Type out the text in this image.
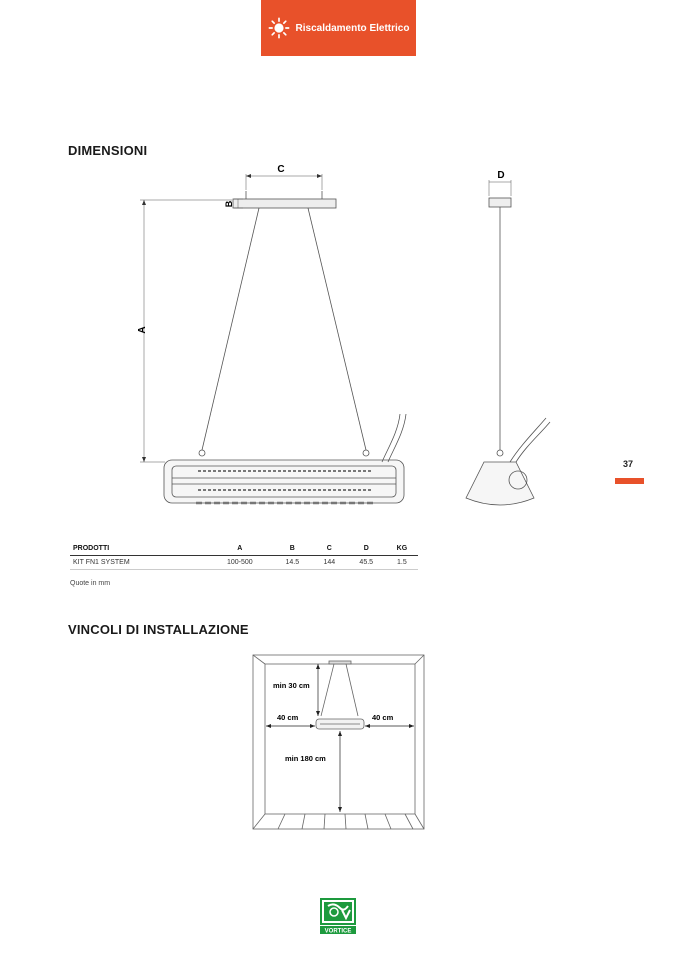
Riscaldamento Elettrico
DIMENSIONI
C
B
A
D
37
PRODOTTI	A	B	C	D	KG
KIT FN1 SYSTEM	100-500	14.5	144	45.5	1.5
Quote in mm
VINCOLI DI INSTALLAZIONE
min 30 cm
40 cm	40 cm
min 180 cm
VORTICE
